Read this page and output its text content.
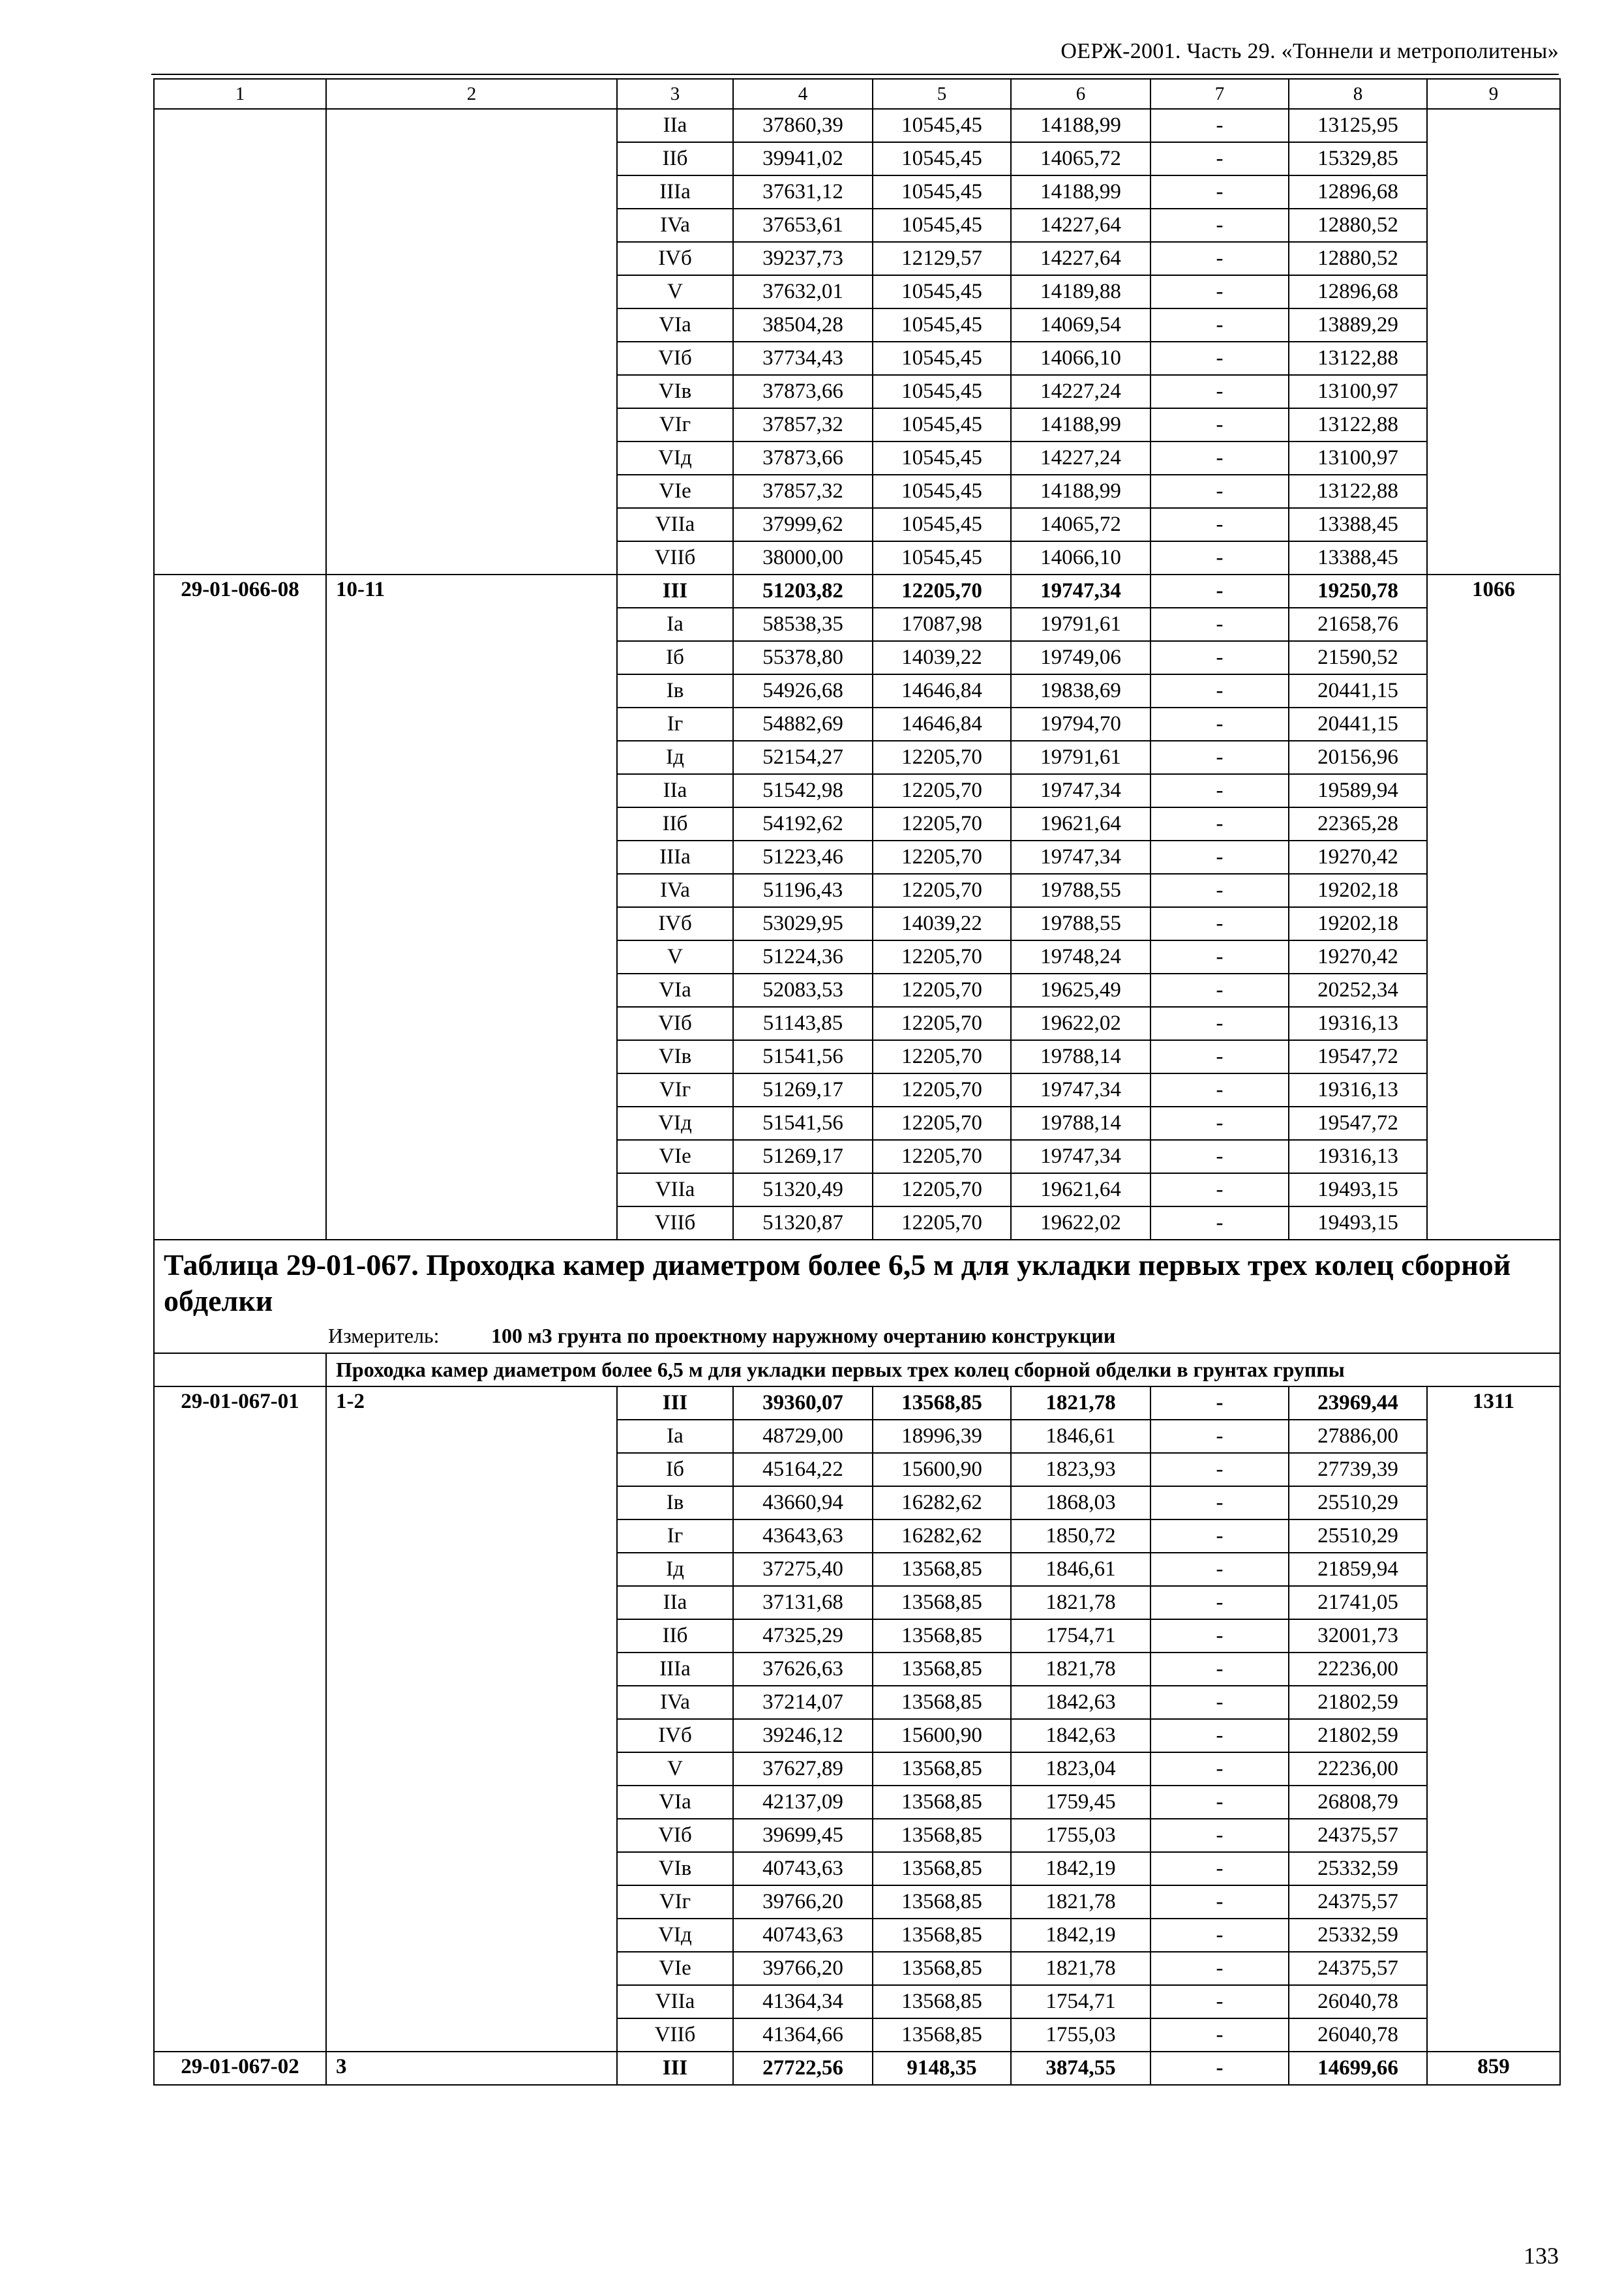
ОЕРЖ-2001. Часть 29. «Тоннели и метрополитены»
1	2	3	4	5	6	7	8	9
		IIa	37860,39	10545,45	14188,99	-	13125,95	
		IIб	39941,02	10545,45	14065,72	-	15329,85	
		IIIa	37631,12	10545,45	14188,99	-	12896,68	
		IVa	37653,61	10545,45	14227,64	-	12880,52	
		IVб	39237,73	12129,57	14227,64	-	12880,52	
		V	37632,01	10545,45	14189,88	-	12896,68	
		VIa	38504,28	10545,45	14069,54	-	13889,29	
		VIб	37734,43	10545,45	14066,10	-	13122,88	
		VIв	37873,66	10545,45	14227,24	-	13100,97	
		VIг	37857,32	10545,45	14188,99	-	13122,88	
		VIд	37873,66	10545,45	14227,24	-	13100,97	
		VIe	37857,32	10545,45	14188,99	-	13122,88	
		VIIa	37999,62	10545,45	14065,72	-	13388,45	
		VIIб	38000,00	10545,45	14066,10	-	13388,45	
29-01-066-08	10-11	III	51203,82	12205,70	19747,34	-	19250,78	1066
		Ia	58538,35	17087,98	19791,61	-	21658,76	
		Iб	55378,80	14039,22	19749,06	-	21590,52	
		Iв	54926,68	14646,84	19838,69	-	20441,15	
		Iг	54882,69	14646,84	19794,70	-	20441,15	
		Iд	52154,27	12205,70	19791,61	-	20156,96	
		IIa	51542,98	12205,70	19747,34	-	19589,94	
		IIб	54192,62	12205,70	19621,64	-	22365,28	
		IIIa	51223,46	12205,70	19747,34	-	19270,42	
		IVa	51196,43	12205,70	19788,55	-	19202,18	
		IVб	53029,95	14039,22	19788,55	-	19202,18	
		V	51224,36	12205,70	19748,24	-	19270,42	
		VIa	52083,53	12205,70	19625,49	-	20252,34	
		VIб	51143,85	12205,70	19622,02	-	19316,13	
		VIв	51541,56	12205,70	19788,14	-	19547,72	
		VIг	51269,17	12205,70	19747,34	-	19316,13	
		VIд	51541,56	12205,70	19788,14	-	19547,72	
		VIe	51269,17	12205,70	19747,34	-	19316,13	
		VIIa	51320,49	12205,70	19621,64	-	19493,15	
		VIIб	51320,87	12205,70	19622,02	-	19493,15	

Таблица 29-01-067. Проходка камер диаметром более 6,5 м для укладки первых трех колец сборной обделки
Измеритель: 100 м3 грунта по проектному наружному очертанию конструкции								

	Проходка камер диаметром более 6,5 м для укладки первых трех колец сборной обделки в грунтах группы							
29-01-067-01	1-2	III	39360,07	13568,85	1821,78	-	23969,44	1311
		Ia	48729,00	18996,39	1846,61	-	27886,00	
		Iб	45164,22	15600,90	1823,93	-	27739,39	
		Iв	43660,94	16282,62	1868,03	-	25510,29	
		Iг	43643,63	16282,62	1850,72	-	25510,29	
		Iд	37275,40	13568,85	1846,61	-	21859,94	
		IIa	37131,68	13568,85	1821,78	-	21741,05	
		IIб	47325,29	13568,85	1754,71	-	32001,73	
		IIIa	37626,63	13568,85	1821,78	-	22236,00	
		IVa	37214,07	13568,85	1842,63	-	21802,59	
		IVб	39246,12	15600,90	1842,63	-	21802,59	
		V	37627,89	13568,85	1823,04	-	22236,00	
		VIa	42137,09	13568,85	1759,45	-	26808,79	
		VIб	39699,45	13568,85	1755,03	-	24375,57	
		VIв	40743,63	13568,85	1842,19	-	25332,59	
		VIг	39766,20	13568,85	1821,78	-	24375,57	
		VIд	40743,63	13568,85	1842,19	-	25332,59	
		VIe	39766,20	13568,85	1821,78	-	24375,57	
		VIIa	41364,34	13568,85	1754,71	-	26040,78	
		VIIб	41364,66	13568,85	1755,03	-	26040,78	
29-01-067-02	3	III	27722,56	9148,35	3874,55	-	14699,66	859
133
